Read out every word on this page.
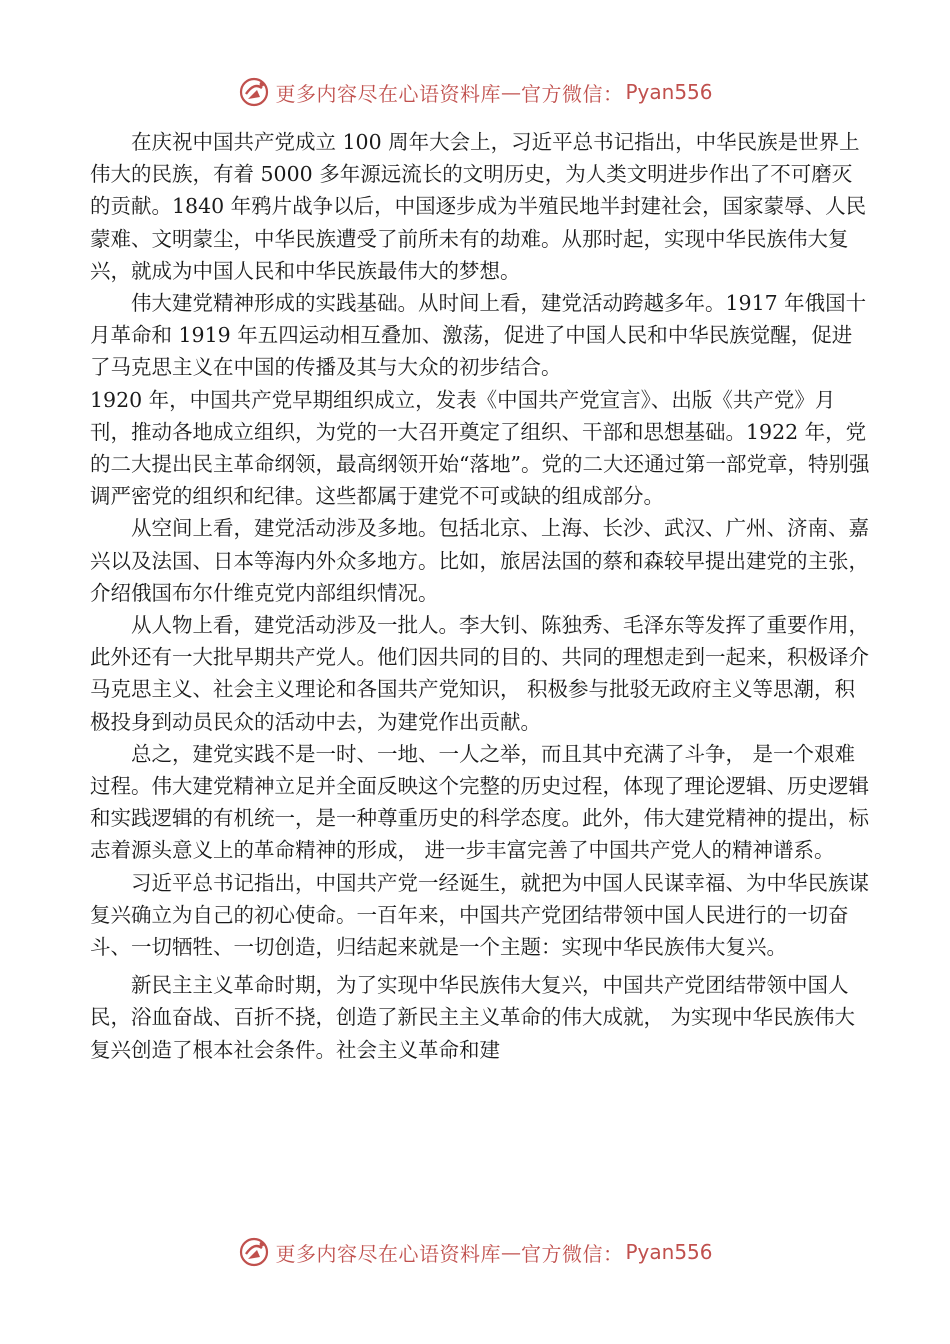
更多内容尽在心语资料库 — 官方微信： Pyan556

在庆祝中国共产党成立 100 周年大会上，习近平总书记指出，中华民族是世界上伟大的民族，有着 5000 多年源远流长的文明历史，为人类文明进步作出了不可磨灭的贡献。1840 年鸦片战争以后，中国逐步成为半殖民地半封建社会，国家蒙辱、人民蒙难、文明蒙尘，中华民族遭受了前所未有的劫难。从那时起，实现中华民族伟大复兴，就成为中国人民和中华民族最伟大的梦想。

伟大建党精神形成的实践基础。从时间上看，建党活动跨越多年。1917 年俄国十月革命和 1919 年五四运动相互叠加、激荡，促进了中国人民和中华民族觉醒，促进了马克思主义在中国的传播及其与大众的初步结合。

1920 年，中国共产党早期组织成立，发表《中国共产党宣言》、出版《共产党》月刊，推动各地成立组织，为党的一大召开奠定了组织、干部和思想基础。1922 年，党的二大提出民主革命纲领，最高纲领开始“落地”。党的二大还通过第一部党章，特别强调严密党的组织和纪律。这些都属于建党不可或缺的组成部分。

从空间上看，建党活动涉及多地。包括北京、上海、长沙、武汉、广州、济南、嘉兴以及法国、日本等海内外众多地方。比如，旅居法国的蔡和森较早提出建党的主张，介绍俄国布尔什维克党内部组织情况。

从人物上看，建党活动涉及一批人。李大钊、陈独秀、毛泽东等发挥了重要作用，此外还有一大批早期共产党人。他们因共同的目的、共同的理想走到一起来，积极译介马克思主义、社会主义理论和各国共产党知识， 积极参与批驳无政府主义等思潮，积极投身到动员民众的活动中去，为建党作出贡献。

总之，建党实践不是一时、一地、一人之举，而且其中充满了斗争， 是一个艰难过程。伟大建党精神立足并全面反映这个完整的历史过程，体现了理论逻辑、历史逻辑和实践逻辑的有机统一，是一种尊重历史的科学态度。此外，伟大建党精神的提出，标志着源头意义上的革命精神的形成， 进一步丰富完善了中国共产党人的精神谱系。

习近平总书记指出，中国共产党一经诞生，就把为中国人民谋幸福、为中华民族谋复兴确立为自己的初心使命。一百年来，中国共产党团结带领中国人民进行的一切奋斗、一切牺牲、一切创造，归结起来就是一个主题：实现中华民族伟大复兴。

新民主主义革命时期，为了实现中华民族伟大复兴，中国共产党团结带领中国人民，浴血奋战、百折不挠，创造了新民主主义革命的伟大成就， 为实现中华民族伟大复兴创造了根本社会条件。社会主义革命和建

更多内容尽在心语资料库 — 官方微信： Pyan556
